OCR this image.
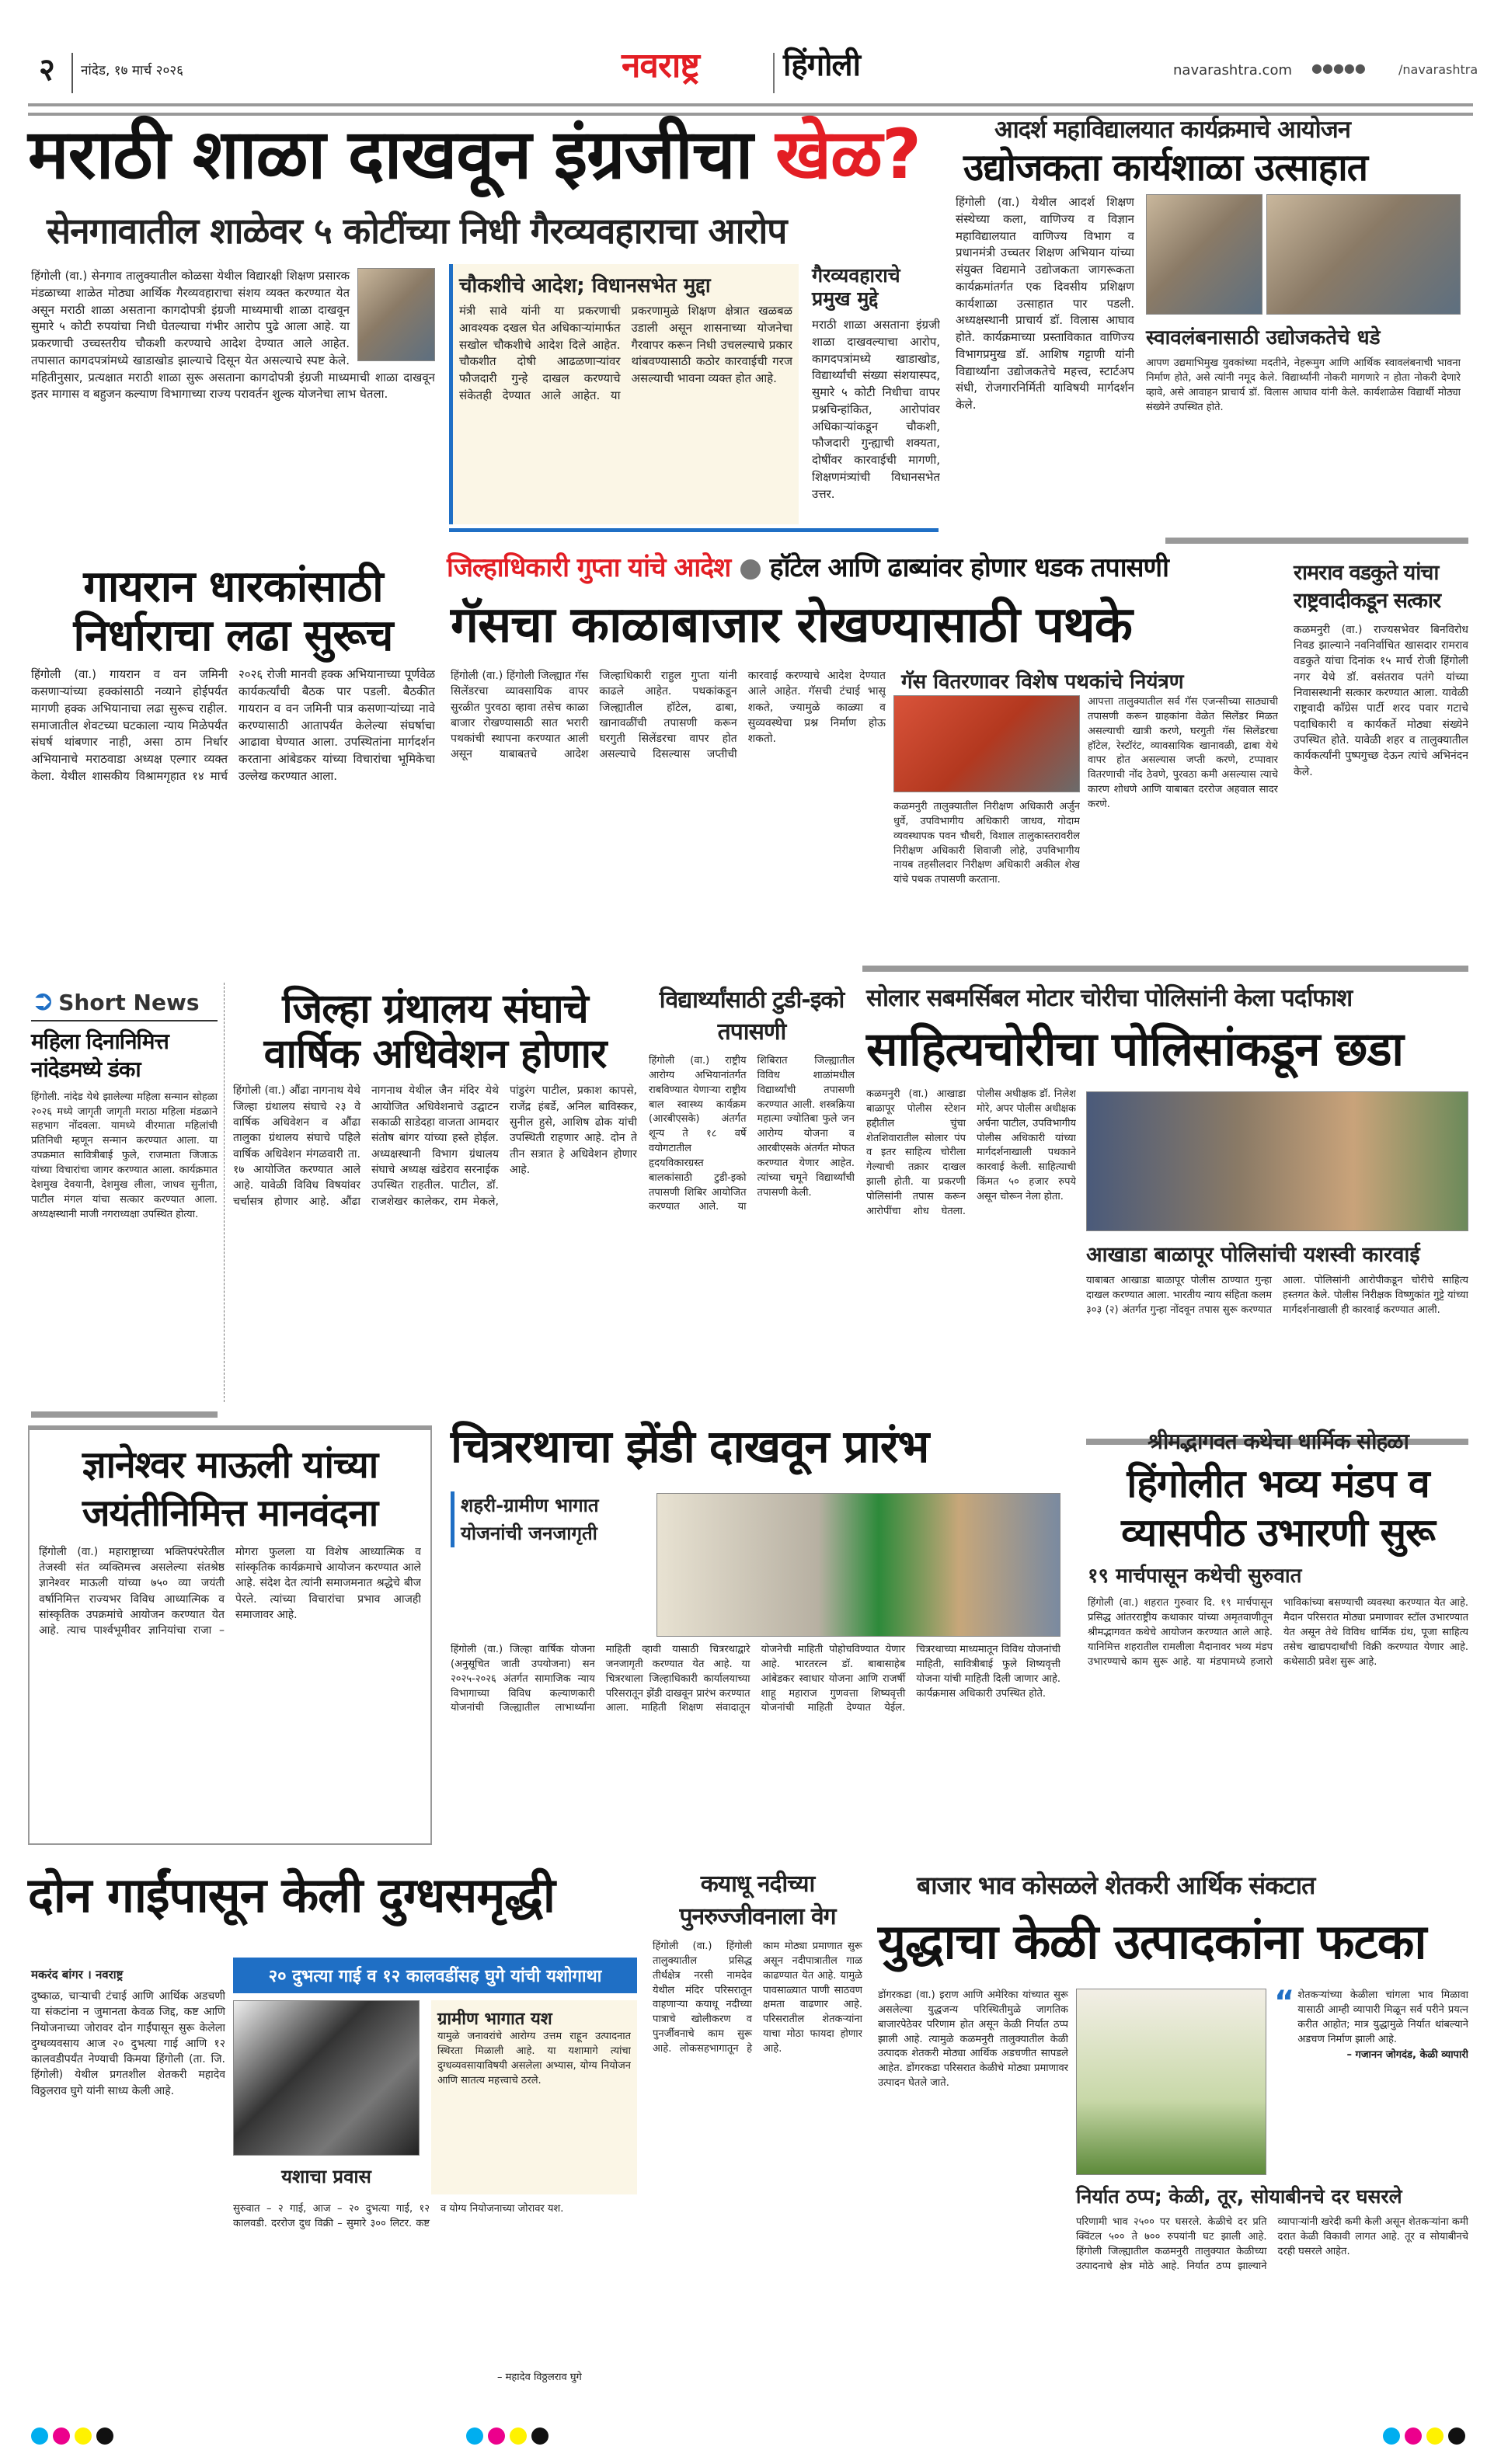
२ नांदेड, १७ मार्च २०२६	नवराष्ट्र	हिंगोली	navarashtra.com ●●●●●	/navarashtra
मराठी शाळा दाखवून इंग्रजीचा खेळ?
सेनगावातील शाळेवर ५ कोटींच्या निधी गैरव्यवहाराचा आरोप
हिंगोली (वा.) सेनगाव तालुक्यातील कोळसा येथील विद्यारक्षी शिक्षण प्रसारक मंडळाच्या शाळेत मोठ्या आर्थिक गैरव्यवहाराचा संशय व्यक्त करण्यात येत असून मराठी शाळा असताना कागदोपत्री इंग्रजी माध्यमाची शाळा दाखवून सुमारे ५ कोटी रुपयांचा निधी घेतल्याचा गंभीर आरोप पुढे आला आहे. या प्रकरणाची उच्चस्तरीय चौकशी करण्याचे आदेश देण्यात आले आहेत. तपासात कागदपत्रांमध्ये खाडाखोड झाल्याचे दिसून येत असल्याचे स्पष्ट केले. महितीनुसार, प्रत्यक्षात मराठी शाळा सुरू असताना कागदोपत्री इंग्रजी माध्यमाची शाळा दाखवून इतर मागास व बहुजन कल्याण विभागाच्या राज्य परावर्तन शुल्क योजनेचा लाभ घेतला.
चौकशीचे आदेश; विधानसभेत मुद्दा
मंत्री सावे यांनी या प्रकरणाची आवश्यक दखल घेत अधिकाऱ्यांमार्फत सखोल चौकशीचे आदेश दिले आहेत. चौकशीत दोषी आढळणाऱ्यांवर फौजदारी गुन्हे दाखल करण्याचे संकेतही देण्यात आले आहेत. या प्रकरणामुळे शिक्षण क्षेत्रात खळबळ उडाली असून शासनाच्या योजनेचा गैरवापर करून निधी उचलल्याचे प्रकार थांबवण्यासाठी कठोर कारवाईची गरज असल्याची भावना व्यक्त होत आहे.
गैरव्यवहाराचे प्रमुख मुद्दे
मराठी शाळा असताना इंग्रजी शाळा दाखवल्याचा आरोप, कागदपत्रांमध्ये खाडाखोड, विद्यार्थ्यांची संख्या संशयास्पद, सुमारे ५ कोटी निधीचा वापर प्रश्नचिन्हांकित, आरोपांवर अधिकाऱ्यांकडून चौकशी, फौजदारी गुन्ह्याची शक्यता, दोषींवर कारवाईची मागणी, शिक्षणमंत्र्यांची विधानसभेत उत्तर.
आदर्श महाविद्यालयात कार्यक्रमाचे आयोजन
उद्योजकता कार्यशाळा उत्साहात
हिंगोली (वा.) येथील आदर्श शिक्षण संस्थेच्या कला, वाणिज्य व विज्ञान महाविद्यालयात वाणिज्य विभाग व प्रधानमंत्री उच्चतर शिक्षण अभियान यांच्या संयुक्त विद्यमाने उद्योजकता जागरूकता कार्यक्रमांतर्गत एक दिवसीय प्रशिक्षण कार्यशाळा उत्साहात पार पडली. अध्यक्षस्थानी प्राचार्य डॉ. विलास आघाव होते. कार्यक्रमाच्या प्रस्ताविकात वाणिज्य विभागप्रमुख डॉ. आशिष गट्टाणी यांनी विद्यार्थ्यांना उद्योजकतेचे महत्त्व, स्टार्टअप संधी, रोजगारनिर्मिती याविषयी मार्गदर्शन केले.
स्वावलंबनासाठी उद्योजकतेचे धडे
आपण उद्यमाभिमुख युवकांच्या मदतीने, नेहरूमुग आणि आर्थिक स्वावलंबनाची भावना निर्माण होते, असे त्यांनी नमूद केले. विद्यार्थ्यांनी नोकरी मागणारे न होता नोकरी देणारे व्हावे, असे आवाहन प्राचार्य डॉ. विलास आघाव यांनी केले. कार्यशाळेस विद्यार्थी मोठ्या संख्येने उपस्थित होते.
गायरान धारकांसाठी निर्धाराचा लढा सुरूच
हिंगोली (वा.) गायरान व वन जमिनी कसणाऱ्यांच्या हक्कांसाठी नव्याने होईपर्यंत मागणी हक्क अभियानाचा लढा सुरूच राहील. समाजातील शेवटच्या घटकाला न्याय मिळेपर्यंत संघर्ष थांबणार नाही, असा ठाम निर्धार अभियानाचे मराठवाडा अध्यक्ष एल्गार व्यक्त केला. येथील शासकीय विश्रामगृहात १४ मार्च २०२६ रोजी मानवी हक्क अभियानाच्या पूर्णवेळ कार्यकर्त्यांची बैठक पार पडली. बैठकीत गायरान व वन जमिनी पात्र कसणाऱ्यांच्या नावे करण्यासाठी आतापर्यंत केलेल्या संघर्षाचा आढावा घेण्यात आला. उपस्थितांना मार्गदर्शन करताना आंबेडकर यांच्या विचारांचा भूमिकेचा उल्लेख करण्यात आला.
जिल्हाधिकारी गुप्ता यांचे आदेश ● हॉटेल आणि ढाब्यांवर होणार धडक तपासणी
गॅसचा काळाबाजार रोखण्यासाठी पथके
हिंगोली (वा.) हिंगोली जिल्ह्यात गॅस सिलेंडरचा व्यावसायिक वापर सुरळीत पुरवठा व्हावा तसेच काळा बाजार रोखण्यासाठी सात भरारी पथकांची स्थापना करण्यात आली असून याबाबतचे आदेश जिल्हाधिकारी राहुल गुप्ता यांनी काढले आहेत. पथकांकडून जिल्ह्यातील हॉटेल, ढाबा, खानावळींची तपासणी करून घरगुती सिलेंडरचा वापर होत असल्याचे दिसल्यास जप्तीची कारवाई करण्याचे आदेश देण्यात आले आहेत. गॅसची टंचाई भासू शकते, ज्यामुळे काळ्या व सुव्यवस्थेचा प्रश्न निर्माण होऊ शकतो.
गॅस वितरणावर विशेष पथकांचे नियंत्रण
कळमनुरी तालुक्यातील निरीक्षण अधिकारी अर्जुन धुर्वे, उपविभागीय अधिकारी जाधव, गोदाम व्यवस्थापक पवन चौधरी, विशाल तालुकास्तरावरील निरीक्षण अधिकारी शिवाजी लोहे, उपविभागीय नायब तहसीलदार निरीक्षण अधिकारी अकील शेख यांचे पथक तपासणी करताना.
आपत्ता तालुक्यातील सर्व गॅस एजन्सीच्या साठ्याची तपासणी करून ग्राहकांना वेळेत सिलेंडर मिळत असल्याची खात्री करणे, घरगुती गॅस सिलेंडरचा हॉटेल, रेस्टॉरंट, व्यावसायिक खानावळी, ढाबा येथे वापर होत असल्यास जप्ती करणे, टप्पावार वितरणाची नोंद ठेवणे, पुरवठा कमी असल्यास त्याचे कारण शोधणे आणि याबाबत दररोज अहवाल सादर करणे.
रामराव वडकुते यांचा राष्ट्रवादीकडून सत्कार
कळमनुरी (वा.) राज्यसभेवर बिनविरोध निवड झाल्याने नवनिर्वाचित खासदार रामराव वडकुते यांचा दिनांक १५ मार्च रोजी हिंगोली नगर येथे डॉ. वसंतराव पतंगे यांच्या निवासस्थानी सत्कार करण्यात आला. यावेळी राष्ट्रवादी काँग्रेस पार्टी शरद पवार गटाचे पदाधिकारी व कार्यकर्ते मोठ्या संख्येने उपस्थित होते. यावेळी शहर व तालुक्यातील कार्यकर्त्यांनी पुष्पगुच्छ देऊन त्यांचे अभिनंदन केले.
➲ Short News
महिला दिनानिमित्त नांदेडमध्ये डंका
हिंगोली. नांदेड येथे झालेल्या महिला सन्मान सोहळा २०२६ मध्ये जागृती जागृती मराठा महिला मंडळाने सहभाग नोंदवला. यामध्ये वीरमाता महिलांची प्रतिनिधी म्हणून सन्मान करण्यात आला. या उपक्रमात सावित्रीबाई फुले, राजमाता जिजाऊ यांच्या विचारांचा जागर करण्यात आला. कार्यक्रमात देशमुख देवयानी, देशमुख लीला, जाधव सुनीता, पाटील मंगल यांचा सत्कार करण्यात आला. अध्यक्षस्थानी माजी नगराध्यक्षा उपस्थित होत्या.
जिल्हा ग्रंथालय संघाचे वार्षिक अधिवेशन होणार
हिंगोली (वा.) औंढा नागनाथ येथे जिल्हा ग्रंथालय संघाचे २३ वे वार्षिक अधिवेशन व औंढा तालुका ग्रंथालय संघाचे पहिले वार्षिक अधिवेशन मंगळवारी ता. १७ आयोजित करण्यात आले आहे. यावेळी विविध विषयांवर चर्चासत्र होणार आहे. औंढा नागनाथ येथील जैन मंदिर येथे आयोजित अधिवेशनाचे उद्घाटन सकाळी साडेदहा वाजता आमदार संतोष बांगर यांच्या हस्ते होईल. अध्यक्षस्थानी विभाग ग्रंथालय संघाचे अध्यक्ष खंडेराव सरनाईक उपस्थित राहतील. पाटील, डॉ. राजशेखर कालेकर, राम मेकले, पांडुरंग पाटील, प्रकाश कापसे, राजेंद्र हंबर्डे, अनिल बाविस्कर, सुनील हुसे, आशिष ढोक यांची उपस्थिती राहणार आहे. दोन ते तीन सत्रात हे अधिवेशन होणार आहे.
विद्यार्थ्यांसाठी टुडी-इको तपासणी
हिंगोली (वा.) राष्ट्रीय आरोग्य अभियानांतर्गत राबविण्यात येणाऱ्या राष्ट्रीय बाल स्वास्थ्य कार्यक्रम (आरबीएसके) अंतर्गत शून्य ते १८ वर्षे वयोगटातील हृदयविकारग्रस्त बालकांसाठी टुडी-इको तपासणी शिबिर आयोजित करण्यात आले. या शिबिरात जिल्ह्यातील विविध शाळांमधील विद्यार्थ्यांची तपासणी करण्यात आली. शस्त्रक्रिया महात्मा ज्योतिबा फुले जन आरोग्य योजना व आरबीएसके अंतर्गत मोफत करण्यात येणार आहेत. त्यांच्या चमूने विद्यार्थ्यांची तपासणी केली.
सोलार सबमर्सिबल मोटार चोरीचा पोलिसांनी केला पर्दाफाश
साहित्यचोरीचा पोलिसांकडून छडा
कळमनुरी (वा.) आखाडा बाळापूर पोलीस स्टेशन हद्दीतील चुंचा शेतशिवारातील सोलार पंप व इतर साहित्य चोरीला गेल्याची तक्रार दाखल झाली होती. या प्रकरणी पोलिसांनी तपास करून आरोपींचा शोध घेतला. पोलीस अधीक्षक डॉ. निलेश मोरे, अपर पोलीस अधीक्षक अर्चना पाटील, उपविभागीय पोलीस अधिकारी यांच्या मार्गदर्शनाखाली पथकाने कारवाई केली. साहित्याची किंमत ५० हजार रुपये असून चोरून नेला होता.
आखाडा बाळापूर पोलिसांची यशस्वी कारवाई
याबाबत आखाडा बाळापूर पोलीस ठाण्यात गुन्हा दाखल करण्यात आला. भारतीय न्याय संहिता कलम ३०३ (२) अंतर्गत गुन्हा नोंदवून तपास सुरू करण्यात आला. पोलिसांनी आरोपीकडून चोरीचे साहित्य हस्तगत केले. पोलीस निरीक्षक विष्णुकांत गुट्टे यांच्या मार्गदर्शनाखाली ही कारवाई करण्यात आली.
ज्ञानेश्वर माऊली यांच्या जयंतीनिमित्त मानवंदना
हिंगोली (वा.) महाराष्ट्राच्या भक्तिपरंपरेतील तेजस्वी संत व्यक्तिमत्त्व असलेल्या संतश्रेष्ठ ज्ञानेश्वर माऊली यांच्या ७५० व्या जयंती वर्षानिमित्त राज्यभर विविध आध्यात्मिक व सांस्कृतिक उपक्रमांचे आयोजन करण्यात येत आहे. त्याच पार्श्वभूमीवर ज्ञानियांचा राजा – मोगरा फुलला या विशेष आध्यात्मिक व सांस्कृतिक कार्यक्रमाचे आयोजन करण्यात आले आहे. संदेश देत त्यांनी समाजमनात श्रद्धेचे बीज पेरले. त्यांच्या विचारांचा प्रभाव आजही समाजावर आहे.
चित्ररथाचा झेंडी दाखवून प्रारंभ
शहरी-ग्रामीण भागात योजनांची जनजागृती
हिंगोली (वा.) जिल्हा वार्षिक योजना (अनुसूचित जाती उपयोजना) सन २०२५-२०२६ अंतर्गत सामाजिक न्याय विभागाच्या विविध कल्याणकारी योजनांची जिल्ह्यातील लाभार्थ्यांना माहिती व्हावी यासाठी चित्ररथाद्वारे जनजागृती करण्यात येत आहे. या चित्ररथाला जिल्हाधिकारी कार्यालयाच्या परिसरातून झेंडी दाखवून प्रारंभ करण्यात आला. माहिती शिक्षण संवादातून योजनेची माहिती पोहोचविण्यात येणार आहे. भारतरत्न डॉ. बाबासाहेब आंबेडकर स्वाधार योजना आणि राजर्षी शाहू महाराज गुणवत्ता शिष्यवृत्ती योजनांची माहिती देण्यात येईल. चित्ररथाच्या माध्यमातून विविध योजनांची माहिती, सावित्रीबाई फुले शिष्यवृत्ती योजना यांची माहिती दिली जाणार आहे. कार्यक्रमास अधिकारी उपस्थित होते.
श्रीमद्भागवत कथेचा धार्मिक सोहळा
हिंगोलीत भव्य मंडप व व्यासपीठ उभारणी सुरू
१९ मार्चपासून कथेची सुरुवात
हिंगोली (वा.) शहरात गुरुवार दि. १९ मार्चपासून प्रसिद्ध आंतरराष्ट्रीय कथाकार यांच्या अमृतवाणीतून श्रीमद्भागवत कथेचे आयोजन करण्यात आले आहे. यानिमित्त शहरातील रामलीला मैदानावर भव्य मंडप उभारण्याचे काम सुरू आहे. या मंडपामध्ये हजारो भाविकांच्या बसण्याची व्यवस्था करण्यात येत आहे. मैदान परिसरात मोठ्या प्रमाणावर स्टॉल उभारण्यात येत असून तेथे विविध धार्मिक ग्रंथ, पूजा साहित्य तसेच खाद्यपदार्थांची विक्री करण्यात येणार आहे. कथेसाठी प्रवेश सुरू आहे.
दोन गाईंपासून केली दुग्धसमृद्धी
२० दुभत्या गाई व १२ कालवडींसह घुगे यांची यशोगाथा
मकरंद बांगर । नवराष्ट्र
दुष्काळ, चाऱ्याची टंचाई आणि आर्थिक अडचणी या संकटांना न जुमानता केवळ जिद्द, कष्ट आणि नियोजनाच्या जोरावर दोन गाईंपासून सुरू केलेला दुग्धव्यवसाय आज २० दुभत्या गाई आणि १२ कालवडीपर्यंत नेण्याची किमया हिंगोली (ता. जि. हिंगोली) येथील प्रगतशील शेतकरी महादेव विठ्ठलराव घुगे यांनी साध्य केली आहे.
ग्रामीण भागात यश
यामुळे जनावरांचे आरोग्य उत्तम राहून उत्पादनात स्थिरता मिळाली आहे. या यशामागे त्यांचा दुग्धव्यवसायाविषयी असलेला अभ्यास, योग्य नियोजन आणि सातत्य महत्त्वाचे ठरले.
यशाचा प्रवास
सुरुवात – २ गाई, आज – २० दुभत्या गाई, १२ कालवडी. दररोज दुध विक्री – सुमारे ३०० लिटर. कष्ट व योग्य नियोजनाच्या जोरावर यश.
– महादेव विठ्ठलराव घुगे
कयाधू नदीच्या पुनरुज्जीवनाला वेग
हिंगोली (वा.) हिंगोली तालुक्यातील प्रसिद्ध तीर्थक्षेत्र नरसी नामदेव येथील मंदिर परिसरातून वाहणाऱ्या कयाधू नदीच्या पात्राचे खोलीकरण व पुनर्जीवनाचे काम सुरू आहे. लोकसहभागातून हे काम मोठ्या प्रमाणात सुरू असून नदीपात्रातील गाळ काढण्यात येत आहे. यामुळे पावसाळ्यात पाणी साठवण क्षमता वाढणार आहे. परिसरातील शेतकऱ्यांना याचा मोठा फायदा होणार आहे.
बाजार भाव कोसळले शेतकरी आर्थिक संकटात
युद्धाचा केळी उत्पादकांना फटका
डोंगरकडा (वा.) इराण आणि अमेरिका यांच्यात सुरू असलेल्या युद्धजन्य परिस्थितीमुळे जागतिक बाजारपेठेवर परिणाम होत असून केळी निर्यात ठप्प झाली आहे. त्यामुळे कळमनुरी तालुक्यातील केळी उत्पादक शेतकरी मोठ्या आर्थिक अडचणीत सापडले आहेत. डोंगरकडा परिसरात केळीचे मोठ्या प्रमाणावर उत्पादन घेतले जाते.
“ शेतकऱ्यांच्या केळीला चांगला भाव मिळावा यासाठी आम्ही व्यापारी मिळून सर्व परीने प्रयत्न करीत आहोत; मात्र युद्धामुळे निर्यात थांबल्याने अडचण निर्माण झाली आहे.
– गजानन जोगदंड, केळी व्यापारी
निर्यात ठप्प; केळी, तूर, सोयाबीनचे दर घसरले
परिणामी भाव २५०० पर घसरले. केळीचे दर प्रति क्विंटल ५०० ते ७०० रुपयांनी घट झाली आहे. हिंगोली जिल्ह्यातील कळमनुरी तालुक्यात केळीच्या उत्पादनाचे क्षेत्र मोठे आहे. निर्यात ठप्प झाल्याने व्यापाऱ्यांनी खरेदी कमी केली असून शेतकऱ्यांना कमी दरात केळी विकावी लागत आहे. तूर व सोयाबीनचे दरही घसरले आहेत.
